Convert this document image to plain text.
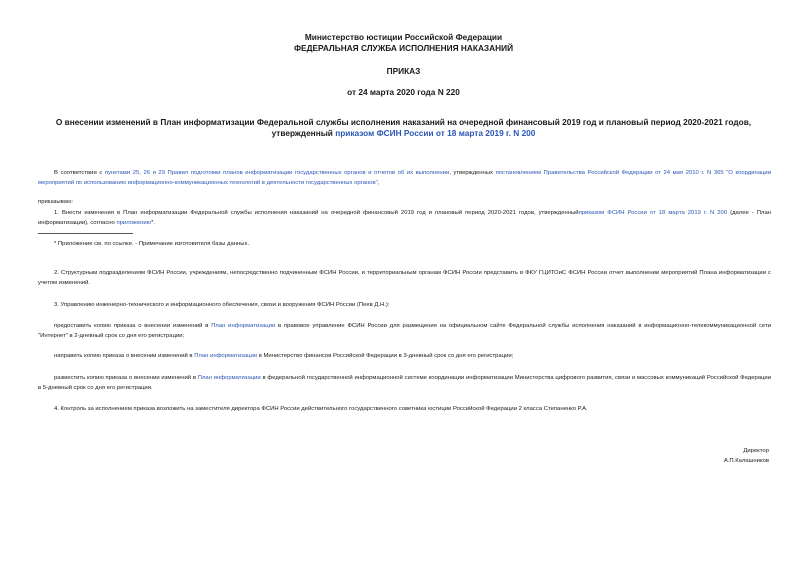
Министерство юстиции Российской Федерации
ФЕДЕРАЛЬНАЯ СЛУЖБА ИСПОЛНЕНИЯ НАКАЗАНИЙ
ПРИКАЗ
от 24 марта 2020 года N 220
О внесении изменений в План информатизации Федеральной службы исполнения наказаний на очередной финансовый 2019 год и плановый период 2020-2021 годов, утвержденный приказом ФСИН России от 18 марта 2019 г. N 200
В соответствии с пунктами 25, 26 и 29 Правил подготовки планов информатизации государственных органов и отчетов об их выполнении, утвержденных постановлением Правительства Российской Федерации от 24 мая 2010 г. N 365 "О координации мероприятий по использованию информационно-коммуникационных технологий в деятельности государственных органов",
приказываю:
1. Внести изменения в План информатизации Федеральной службы исполнения наказаний на очередной финансовый 2019 год и плановый период 2020-2021 годов, утвержденныйприказом ФСИН России от 18 марта 2019 г. N 200 (далее - План информатизации), согласно приложению*.
* Приложение см. по ссылке. - Примечание изготовителя базы данных.
2. Структурным подразделениям ФСИН России, учреждениям, непосредственно подчиненным ФСИН России, и территориальным органам ФСИН России представить в ФКУ ГЦИТОиС ФСИН России отчет выполнении мероприятий Плана информатизации с учетом изменений.
3. Управлению инженерно-технического и информационного обеспечения, связи и вооружения ФСИН России (Пеев Д.Н.):
предоставить копию приказа о внесении изменений в План информатизации в правовое управление ФСИН России для размещения на официальном сайте Федеральной службы исполнения наказаний в информационно-телекоммуникационной сети "Интернет" в 2-дневный срок со дня его регистрации;
направить копию приказа о внесении изменений в План информатизации в Министерство финансов Российской Федерации в 3-дневный срок со дня его регистрации;
разместить копию приказа о внесении изменений в План информатизации в федеральной государственной информационной системе координации информатизации Министерства цифрового развития, связи и массовых коммуникаций Российской Федерации в 5-дневный срок со дня его регистрации.
4. Контроль за исполнением приказа возложить на заместителя директора ФСИН России действительного государственного советника юстиции Российской Федерации 2 класса Степаненко Р.А.
Директор
А.П.Калашников
